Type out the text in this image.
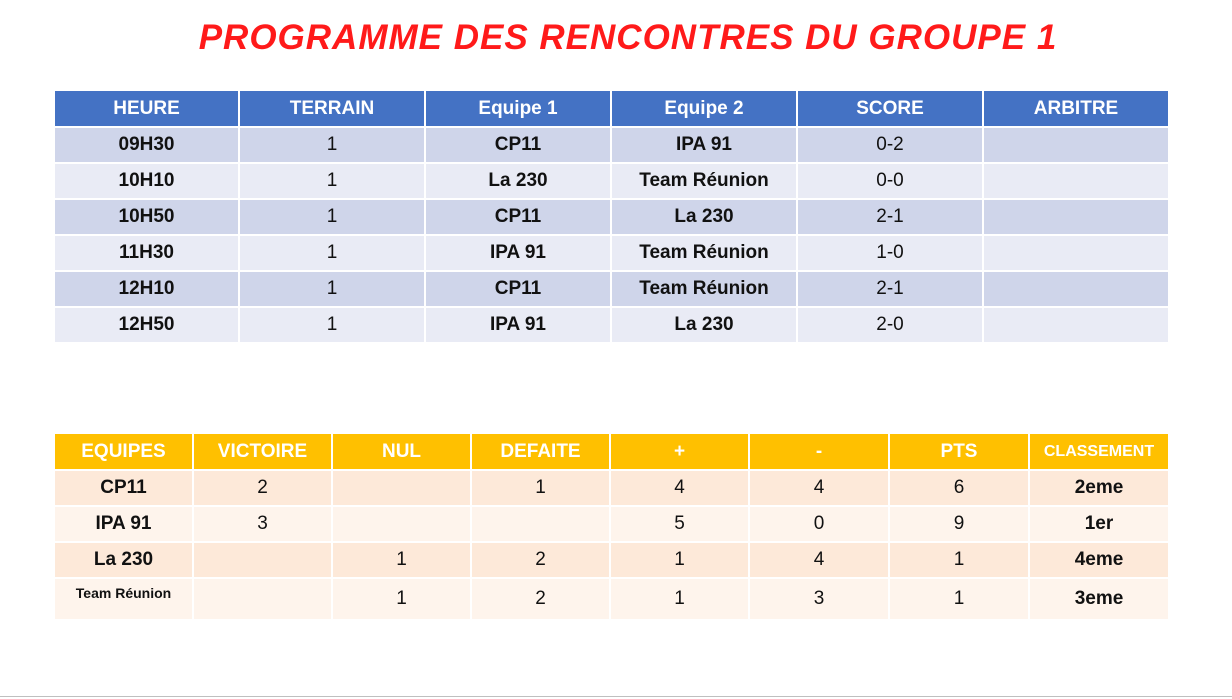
PROGRAMME DES RENCONTRES DU GROUPE 1
HEURE	TERRAIN	Equipe 1	Equipe 2	SCORE	ARBITRE
09H30	1	CP11	IPA 91	0-2	
10H10	1	La 230	Team Réunion	0-0	
10H50	1	CP11	La 230	2-1	
11H30	1	IPA 91	Team Réunion	1-0	
12H10	1	CP11	Team Réunion	2-1	
12H50	1	IPA 91	La 230	2-0	
EQUIPES	VICTOIRE	NUL	DEFAITE	+	-	PTS	CLASSEMENT
CP11	2		1	4	4	6	2eme
IPA 91	3			5	0	9	1er
La 230		1	2	1	4	1	4eme
Team Réunion		1	2	1	3	1	3eme
